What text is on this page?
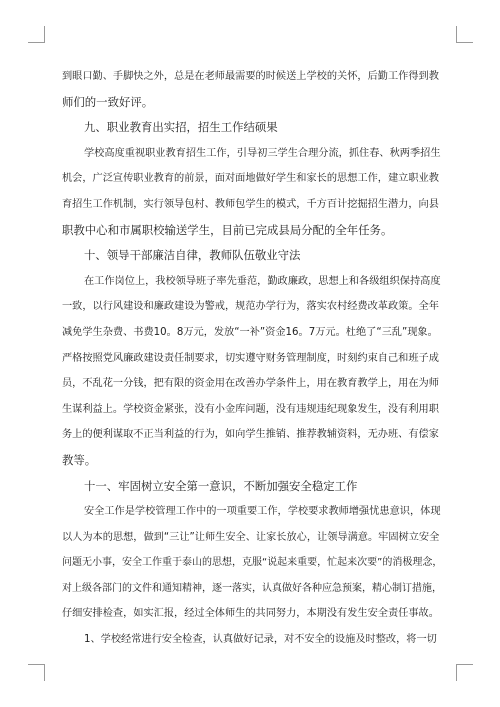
到眼口勤、手脚快之外，总是在老师最需要的时候送上学校的关怀，后勤工作得到教
师们的一致好评。
九、职业教育出实招，招生工作结硕果
学校高度重视职业教育招生工作，引导初三学生合理分流，抓住春、秋两季招生
机会，广泛宣传职业教育的前景，面对面地做好学生和家长的思想工作，建立职业教
育招生工作机制，实行领导包村、教师包学生的模式，千方百计挖掘招生潜力，向县
职教中心和市属职校输送学生，目前已完成县局分配的全年任务。
十、领导干部廉洁自律，教师队伍敬业守法
在工作岗位上，我校领导班子率先垂范，勤政廉政，思想上和各级组织保持高度
一致，以行风建设和廉政建设为警戒，规范办学行为，落实农村经费改革政策。全年
减免学生杂费、书费10。8万元，发放“一补”资金16。7万元。杜绝了“三乱”现象。
严格按照党风廉政建设责任制要求，切实遵守财务管理制度，时刻约束自己和班子成
员，不乱花一分钱，把有限的资金用在改善办学条件上，用在教育教学上，用在为师
生谋利益上。学校资金紧张，没有小金库问题，没有违规违纪现象发生，没有利用职
务上的便利谋取不正当利益的行为，如向学生推销、推荐教辅资料，无办班、有偿家
教等。
十一、牢固树立安全第一意识，不断加强安全稳定工作
安全工作是学校管理工作中的一项重要工作，学校要求教师增强忧患意识，体现
以人为本的思想，做到“三让”让师生安全、让家长放心，让领导满意。牢固树立安全
问题无小事，安全工作重于泰山的思想，克服“说起来重要，忙起来次要”的消极理念，
对上级各部门的文件和通知精神，逐一落实，认真做好各种应急预案，精心制订措施，
仔细安排检查，如实汇报，经过全体师生的共同努力，本期没有发生安全责任事故。
1、学校经常进行安全检查，认真做好记录，对不安全的设施及时整改，将一切
